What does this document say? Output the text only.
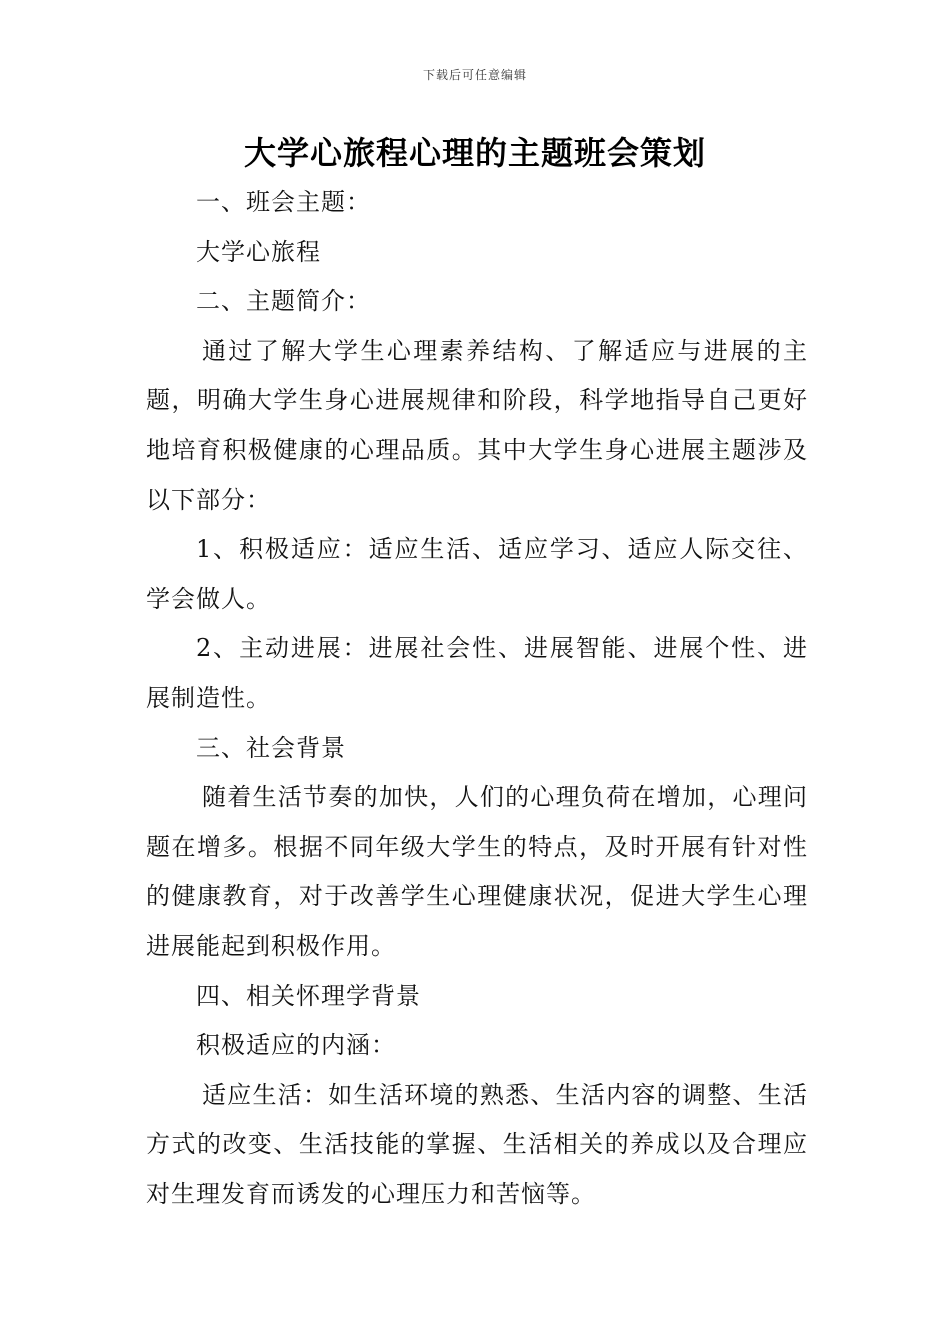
下载后可任意编辑
大学心旅程心理的主题班会策划

一、班会主题：

大学心旅程

二、主题简介：

通过了解大学生心理素养结构、了解适应与进展的主题，明确大学生身心进展规律和阶段，科学地指导自己更好地培育积极健康的心理品质。其中大学生身心进展主题涉及以下部分：

1、积极适应：适应生活、适应学习、适应人际交往、学会做人。

2、主动进展：进展社会性、进展智能、进展个性、进展制造性。

三、社会背景

随着生活节奏的加快，人们的心理负荷在增加，心理问题在增多。根据不同年级大学生的特点，及时开展有针对性的健康教育，对于改善学生心理健康状况，促进大学生心理进展能起到积极作用。

四、相关怀理学背景

积极适应的内涵：

适应生活：如生活环境的熟悉、生活内容的调整、生活方式的改变、生活技能的掌握、生活相关的养成以及合理应对生理发育而诱发的心理压力和苦恼等。
